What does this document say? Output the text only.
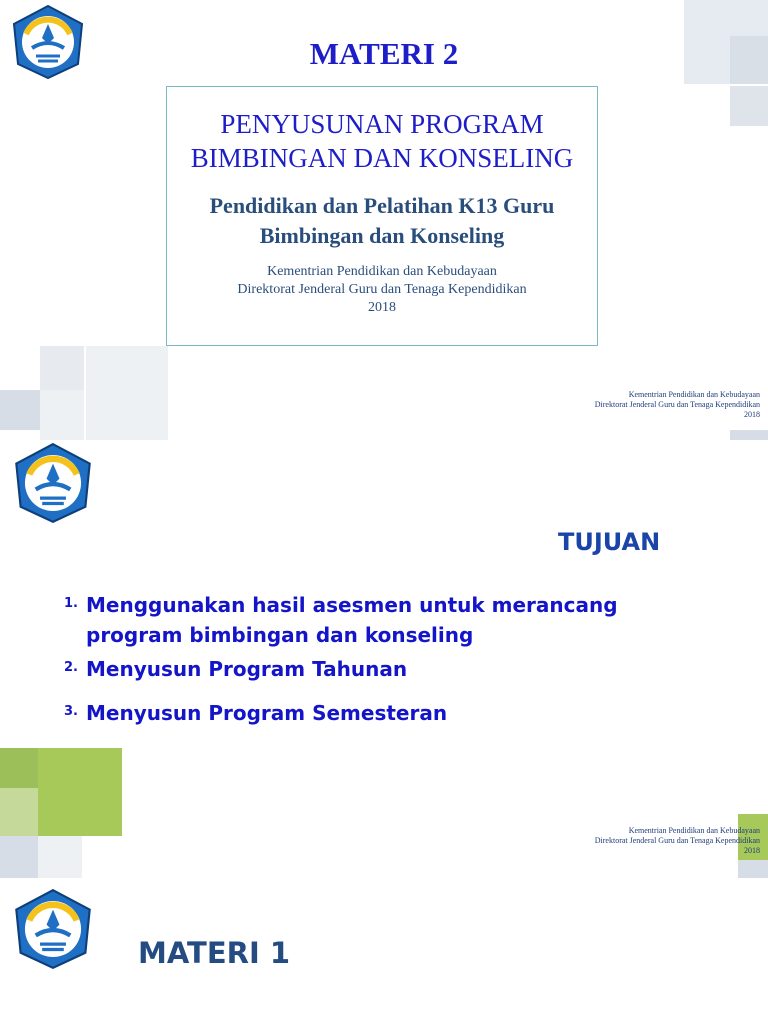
MATERI 2
PENYUSUNAN PROGRAM
BIMBINGAN DAN KONSELING
Pendidikan dan Pelatihan K13 Guru
Bimbingan dan Konseling
Kementrian Pendidikan dan Kebudayaan
Direktorat Jenderal Guru dan Tenaga Kependidikan
2018
Kementrian Pendidikan dan Kebudayaan
Direktorat Jenderal Guru dan Tenaga Kependidikan
2018
TUJUAN
1. Menggunakan hasil asesmen untuk merancang
program bimbingan dan konseling
2. Menyusun Program Tahunan
3. Menyusun Program Semesteran
Kementrian Pendidikan dan Kebudayaan
Direktorat Jenderal Guru dan Tenaga Kependidikan
2018
MATERI 1
